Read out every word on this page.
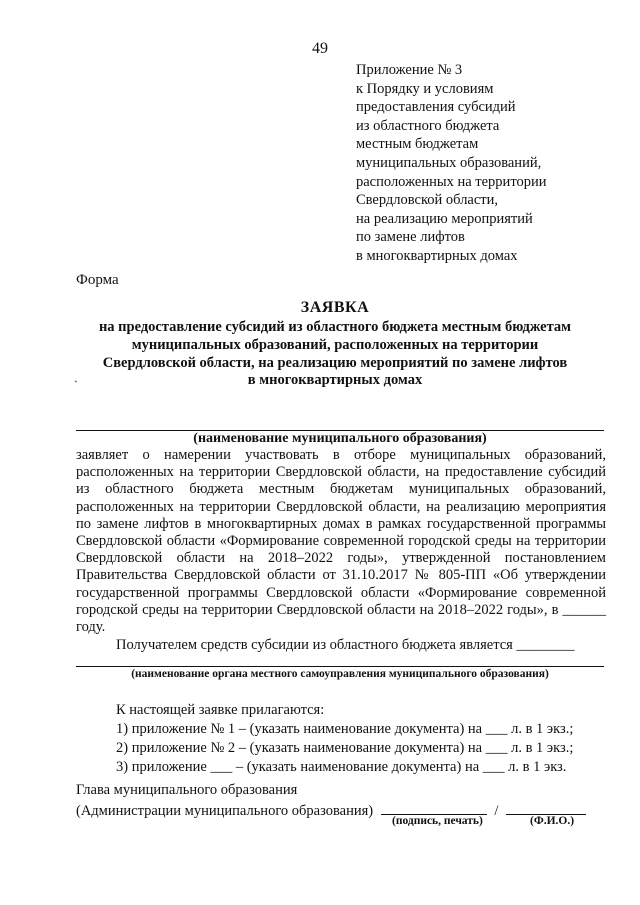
49
Приложение № 3
к Порядку и условиям
предоставления субсидий
из областного бюджета
местным бюджетам
муниципальных образований,
расположенных на территории
Свердловской области,
на реализацию мероприятий
по замене лифтов
в многоквартирных домах
Форма
ЗАЯВКА
на предоставление субсидий из областного бюджета местным бюджетам
муниципальных образований, расположенных на территории
Свердловской области, на реализацию мероприятий по замене лифтов
в многоквартирных домах
`
(наименование муниципального образования)

заявляет о намерении участвовать в отборе муниципальных образований, расположенных на территории Свердловской области, на предоставление субсидий из областного бюджета местным бюджетам муниципальных образований, расположенных на территории Свердловской области, на реализацию мероприятия по замене лифтов в многоквартирных домах в рамках государственной программы Свердловской области «Формирование современной городской среды на территории Свердловской области на 2018–2022 годы», утвержденной постановлением Правительства Свердловской области от 31.10.2017 № 805-ПП «Об утверждении государственной программы Свердловской области «Формирование современной городской среды на территории Свердловской области на 2018–2022 годы», в ______ году.

Получателем средств субсидии из областного бюджета является ________
(наименование органа местного самоуправления муниципального образования)
К настоящей заявке прилагаются:
1) приложение № 1 – (указать наименование документа) на ___ л. в 1 экз.;
2) приложение № 2 – (указать наименование документа) на ___ л. в 1 экз.;
3) приложение ___ – (указать наименование документа) на ___ л. в 1 экз.
Глава муниципального образования
(Администрации муниципального образования)	/
(подпись, печать)	(Ф.И.О.)
